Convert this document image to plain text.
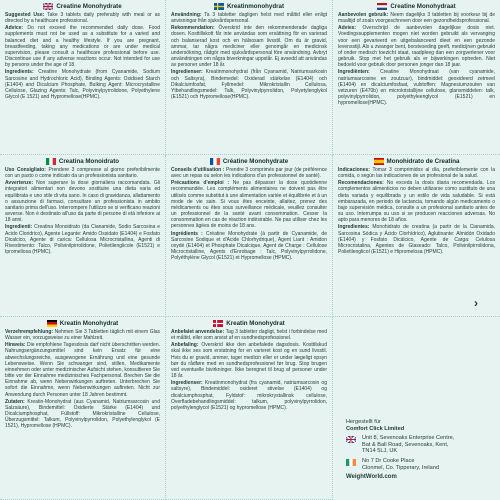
Creatine Monohydrate

Suggested Use: Take 3 tablets daily preferably with meal or as directed by a healthcare professional.

Advice: Do not exceed the recommended daily dose. Food supplements must not be used as a substitute for a varied and balanced diet and a healthy lifestyle. If you are pregnant, breastfeeding, taking any medications or are under medical supervision, please consult a healthcare professional before use. Discontinue use if any adverse reactions occur. Not intended for use by persons under the age of 18.

Ingredients: Creatine Monohydrate (from Cyanamide, Sodium Sarcosine and Hydrochloric Acid), Binding Agents: Oxidised Starch (E1404) and Dicalcium Phosphate, Bulking Agent: Microcrystalline Cellulose, Glazing Agents: Talc, Polyvinylpyrrolidone, Polyethylene Glycol (E 1521) and Hypromellose(HPMC).

Kreatinmonohydrat

Användning: Ta 3 tabletter dagligen helst med måltid eller enligt anvisningar från sjukvårdspersonal.

Rekommendation: Överskrid inte den rekommenderade dagliga dosen. Kosttillskott får inte användas som ersättning för en varierad och balanserad kost och en hälsosam livsstil. Om du är gravid, ammar, tar några mediciner eller genomgår en medicinsk undersökning, rådgör med sjukvårdspersonal före användning. Avbryt användningen om några biverkningar uppstår. Ej avsedd att användas av personer under 18 år.

Ingredienser: Kreatinmonohydrat (från Cyanamid, Natriumsarkosin och Saltsyra), Bindemedel: Oxiderad stärkelse (E1404) och Dikalciumfosfat, Fyllmedel: Mikrokristallin Cellulosa, Ytbehandlingsmedel: Talk, Polyvinylpyrrolidon, Polyetylenglykol (E1521) och Hypromellose(HPMC).

Creatine Monohydraat

Aanbevolen gebruik: Neem dagelijks 3 tabletten bij voorkeur bij de maaltijd of zoals voorgeschreven door een gezondheidsprofessional.

Advies: Overschrijd de aanbevolen dagelijkse dosis niet. Voedingssupplementen mogen niet worden gebruikt als vervanging voor een gevarieerd en uitgebalanceerd dieet en een gezonde levensstijl. Als u zwanger bent, borstvoeding geeft, medicijnen gebruikt of onder medisch toezicht staat, raadpleeg dan een zorgverlener voor gebruik. Stop met het gebruik als er bijwerkingen optreden. Niet bedoeld voor gebruik door personen jonger dan 18 jaar.

Ingrediënten: Creatine Monohydraat (van cyanamide, natriumsarcosine en zoutzuur), bindmiddel: geoxideerd zetmeel (E1404) en dicalciumfosfaat, vulstoffen: Magnesiumzouten van vetzuren (E470b) en microkristallijne cellulose, glansmiddelen: talk, polyvinylpyrrolidon, polyethyleenglycol (E1521) en hypromellose(HPMC).

Creatina Monoidrato

Uso Consigliato: Prendere 3 compresse al giorno preferibilmente con un pasto o come indicato da un professionista sanitario.

Avvertenze: Non superare la dose giornaliera raccomandata. Gli integratori alimentari non devono sostituire una dieta varia ed equilibrata e uno stile di vita sano. In caso di gravidanza, allattamento o assunzione di farmaci, consultare un professionista in ambito sanitario prima dell'uso. Interrompere l'utilizzo se si verificano reazioni avverse. Non è destinato all'uso da parte di persone di età inferiore ai 18 anni.

Ingredienti: Creatina Monoidrato (da Cianamide, Sodio Sarcosina e Acido Cloridrico), Agente Legante: Amido Ossidato (E1404) e Fosfato Dicalcico, Agente di carica: Cellulosa Microcristallina, Agenti di Rivestimento: Talco, Polivinilpirrolidone, Polietilenglicole (E1521) e Ipromellosa (HPMC).

Créatine Monohydrate

Conseils d'utilisation : Prendre 3 comprimés par jour (de préférence avec un repas ou selon les indications d'un professionnel de santé).

Précautions d'emploi : Ne pas dépasser la dose quotidienne recommandée. Les compléments alimentaires ne doivent pas être utilisés comme substitut à une alimentation variée et équilibrée et à un mode de vie sain. Si vous êtes enceinte, allaitez, prenez des médicaments ou êtes sous surveillance médicale, veuillez consulter un professionnel de la santé avant consommation. Cesser la consommation en cas de réaction indésirable. Ne pas utiliser chez les personnes âgées de moins de 18 ans.

Ingrédients : Créatine Monohydrate (à partir de Cyanamide, de Sarcosine Sodique et d'Acide Chlorhydrique), Agent Liant : Amidon oxydé (E1404) et Phosphate Dicalcique, Agent de Charge : Cellulose Microcristalline, Agents d'Enrobage : Talc, Polyvinylpyrrolidone, Polyéthylène Glycol (E1521) et Hypromellose (HPMC).

Monohidrato de Creatina

Indicaciones: Tomar 3 comprimidos al día, preferiblemente con la comida, o según las indicaciones de un profesional de la salud.

Recomendaciones: No exceda la dosis diaria recomendada. Los complementos alimenticios no deben utilizarse como sustituto de una dieta variada y equilibrada y un estilo de vida saludable. Si está embarazada, en periodo de lactancia, tomando algún medicamento o bajo supervisión médica, consulte a un profesional sanitario antes de su uso. Interrumpa su uso si se producen reacciones adversas. No apto para menores de 18 años.

Ingredientes: Monohidrato de creatina (a partir de la Cianamida, Sarcosina Sódica y Ácido Clorhídrico), Aglutinante: Almidón Oxidado (E1404) y Fosfato Dicálcico, Agente de Carga: Celulosa Microcristalina, Agentes de Glaseado: Talco, Polivinilpirrolidona, Polietilenglicol (E1521) e Hipromelosa (HPMC).

Kreatin Monohydrat

Verzehrempfehlung: Nehmen Sie 3 Tabletten täglich mit einem Glas Wasser ein, vorzugsweise zu einer Mahlzeit.

Hinweis: Die empfohlene Tagesdosis darf nicht überschritten werden. Nahrungsergänzungsmittel sind kein Ersatz für eine abwechslungsreiche, ausgewogene Ernährung und eine gesunde Lebensweise. Wenn Sie schwanger sind, stillen, Medikamente einnehmen oder unter medizinischer Aufsicht stehen, konsultieren Sie bitte vor der Einnahme medizinisches Fachpersonal. Brechen Sie die Einnahme ab, wenn Nebenwirkungen auftreten. Unterbrechen Sie sofort die Einnahme, wenn Nebenwirkungen auftreten. Nicht zur Anwendung durch Personen unter 18 Jahren bestimmt.

Zutaten: Kreatin-Monohydrat (aus Cyanamid, Natriumsarcosin und Salzsäure), Bindemittel: Oxidierte Stärke (E1404) und Dicalciumphosphat, Füllstoff: Mikrokristalline Cellulose, Überzugsmittel: Talkum, Polyvinylpyrrolidon, Polyethylenglykol (E 1521), Hypromellose (HPMC).

Kreatin Monohydrat

Anbefalet anvendelse: Tag 3 tabletter dagligt, helst i forbindelse med et måltid, eller som anvist af en sundhedsprofessionel.

Anbefaling: Overskrid ikke den anbefalede dagsdosis. Kosttilskud skal ikke ses som erstatning for en varieret kost og en sund livsstil. Hvis du er gravid, ammer, tager medicin eller er under lægeligt opsyn bør du rådføre med en sundhedsprofessionel før brug. Stop brugen ved eventuelle bivirkninger. Ikke beregnet til brug af personer under 18 år.

Ingredienser: Kreatinmonohydrat (fra cyanamid, natriumsarcosin og saltsyre), Bindemiddel: oxideret stivelse (E1404) og dicalciumphosphat, Fyldstof: mikrokrystallinsk cellulose, Overfladebehandlingsmiddel: talkum, polyvinylpyrrolidon, polyethylenglycol (E1521) og hypromellose (HPMC).

›
Hergestellt für
Comfort Click Limited
Unit 8, Sevenoaks Enterprise Centre,
Bat & Ball Road, Sevenoaks, Kent,
TN14 5LJ, UK
No 7 Dr Cooke Place
Clonmel, Co. Tipperary, Ireland
WeightWorld.com
